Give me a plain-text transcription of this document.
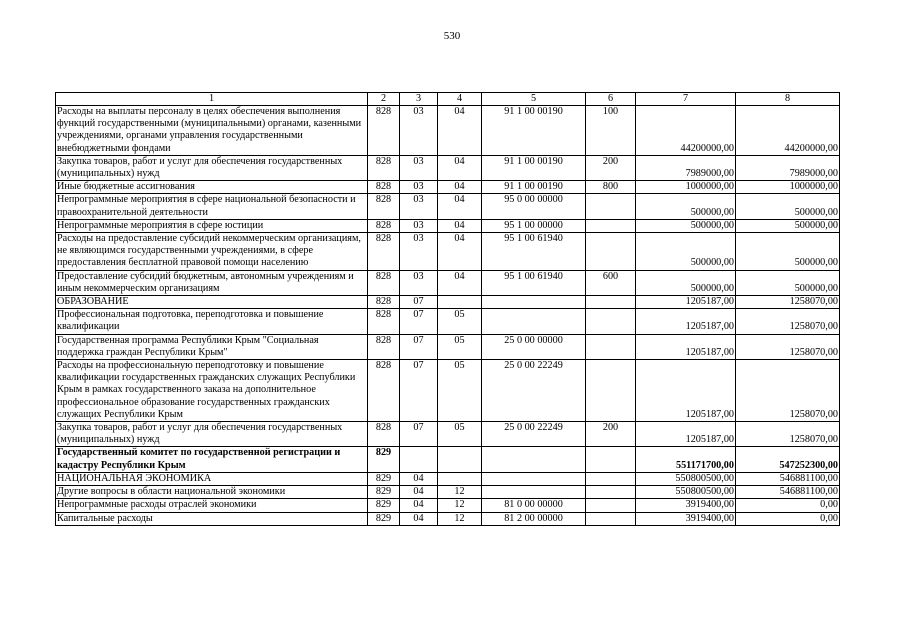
530
1	2	3	4	5	6	7	8
Расходы на выплаты персоналу в целях обеспечения выполнения функций государственными (муниципальными) органами, казенными учреждениями, органами управления государственными внебюджетными фондами	828	03	04	91 1 00 00190	100	44200000,00	44200000,00
Закупка товаров, работ и услуг для обеспечения государственных (муниципальных) нужд	828	03	04	91 1 00 00190	200	7989000,00	7989000,00
Иные бюджетные ассигнования	828	03	04	91 1 00 00190	800	1000000,00	1000000,00
Непрограммные мероприятия в сфере национальной безопасности и правоохранительной деятельности	828	03	04	95 0 00 00000		500000,00	500000,00
Непрограммные мероприятия в сфере юстиции	828	03	04	95 1 00 00000		500000,00	500000,00
Расходы на предоставление субсидий некоммерческим организациям, не являющимся государственными учреждениями, в сфере предоставления бесплатной правовой помощи населению	828	03	04	95 1 00 61940		500000,00	500000,00
Предоставление субсидий бюджетным, автономным учреждениям и иным некоммерческим организациям	828	03	04	95 1 00 61940	600	500000,00	500000,00
ОБРАЗОВАНИЕ	828	07				1205187,00	1258070,00
Профессиональная подготовка, переподготовка и повышение квалификации	828	07	05			1205187,00	1258070,00
Государственная программа Республики Крым "Социальная поддержка граждан Республики Крым"	828	07	05	25 0 00 00000		1205187,00	1258070,00
Расходы на профессиональную переподготовку и повышение квалификации государственных гражданских служащих Республики Крым в рамках государственного заказа на дополнительное профессиональное образование государственных гражданских служащих Республики Крым	828	07	05	25 0 00 22249		1205187,00	1258070,00
Закупка товаров, работ и услуг для обеспечения государственных (муниципальных) нужд	828	07	05	25 0 00 22249	200	1205187,00	1258070,00
Государственный комитет по государственной регистрации и кадастру Республики Крым	829					551171700,00	547252300,00
НАЦИОНАЛЬНАЯ ЭКОНОМИКА	829	04				550800500,00	546881100,00
Другие вопросы в области национальной экономики	829	04	12			550800500,00	546881100,00
Непрограммные расходы отраслей экономики	829	04	12	81 0 00 00000		3919400,00	0,00
Капитальные расходы	829	04	12	81 2 00 00000		3919400,00	0,00
